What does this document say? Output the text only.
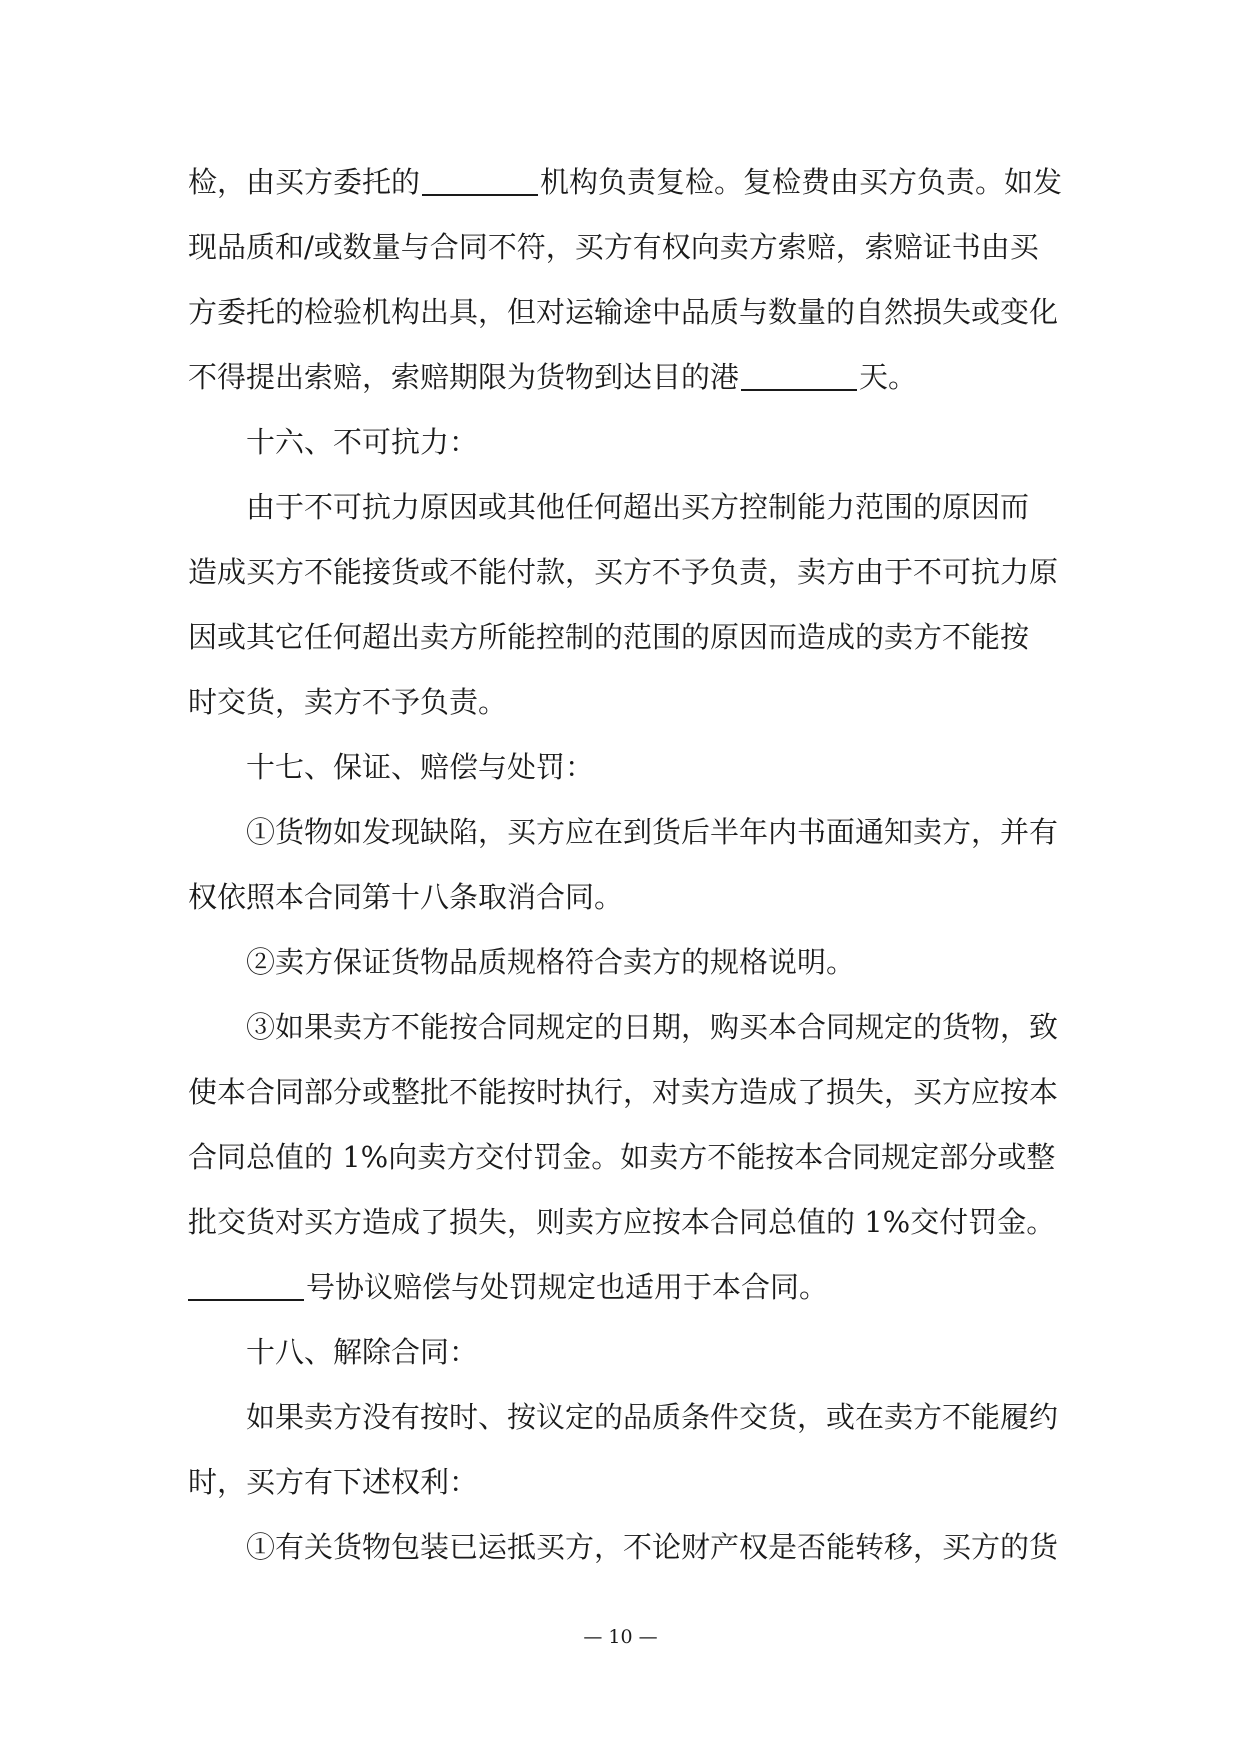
检，由买方委托的	机构负责复检。复检费由买方负责。如发
现品质和/或数量与合同不符，买方有权向卖方索赔，索赔证书由买
方委托的检验机构出具，但对运输途中品质与数量的自然损失或变化
不得提出索赔，索赔期限为货物到达目的港	天。
十六、不可抗力：
由于不可抗力原因或其他任何超出买方控制能力范围的原因而
造成买方不能接货或不能付款，买方不予负责，卖方由于不可抗力原
因或其它任何超出卖方所能控制的范围的原因而造成的卖方不能按
时交货，卖方不予负责。
十七、保证、赔偿与处罚：
①货物如发现缺陷，买方应在到货后半年内书面通知卖方，并有
权依照本合同第十八条取消合同。
②卖方保证货物品质规格符合卖方的规格说明。
③如果卖方不能按合同规定的日期，购买本合同规定的货物，致
使本合同部分或整批不能按时执行，对卖方造成了损失，买方应按本
合同总值的 1%向卖方交付罚金。如卖方不能按本合同规定部分或整
批交货对买方造成了损失，则卖方应按本合同总值的 1%交付罚金。
号协议赔偿与处罚规定也适用于本合同。
十八、解除合同：
如果卖方没有按时、按议定的品质条件交货，或在卖方不能履约
时，买方有下述权利：
①有关货物包装已运抵买方，不论财产权是否能转移，买方的货
— 10 —
